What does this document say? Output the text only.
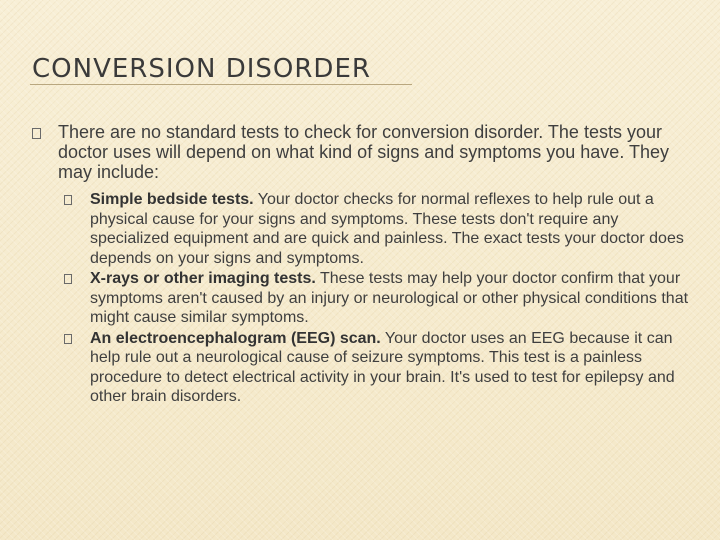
CONVERSION DISORDER
There are no standard tests to check for conversion disorder. The tests your doctor uses will depend on what kind of signs and symptoms you have. They may include:
Simple bedside tests. Your doctor checks for normal reflexes to help rule out a physical cause for your signs and symptoms. These tests don't require any specialized equipment and are quick and painless. The exact tests your doctor does depends on your signs and symptoms.
X-rays or other imaging tests. These tests may help your doctor confirm that your symptoms aren't caused by an injury or neurological or other physical conditions that might cause similar symptoms.
An electroencephalogram (EEG) scan. Your doctor uses an EEG because it can help rule out a neurological cause of seizure symptoms. This test is a painless procedure to detect electrical activity in your brain. It's used to test for epilepsy and other brain disorders.
